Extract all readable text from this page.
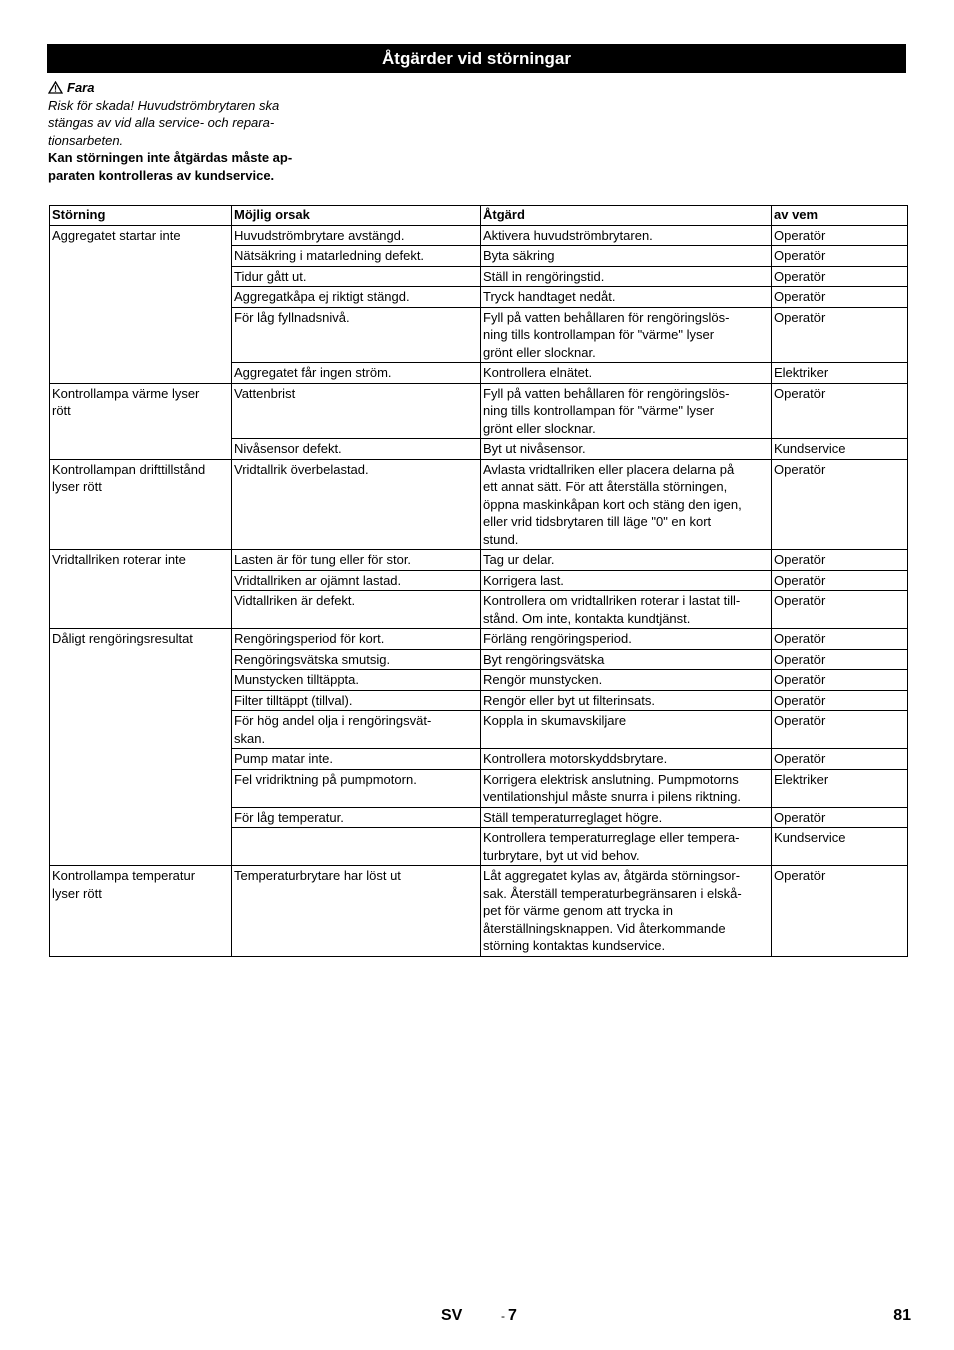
Åtgärder vid störningar
Fara
Risk för skada! Huvudströmbrytaren ska
stängas av vid alla service- och repara-
tionsarbeten.
Kan störningen inte åtgärdas måste ap-
paraten kontrolleras av kundservice.
Störning	Möjlig orsak	Åtgärd	av vem
Aggregatet startar inte	Huvudströmbrytare avstängd.	Aktivera huvudströmbrytaren.	Operatör
	Nätsäkring i matarledning defekt.	Byta säkring	Operatör
	Tidur gått ut.	Ställ in rengöringstid.	Operatör
	Aggregatkåpa ej riktigt stängd.	Tryck handtaget nedåt.	Operatör
	För låg fyllnadsnivå.	Fyll på vatten behållaren för rengöringslös-
ning tills kontrollampan för "värme" lyser
grönt eller slocknar.	Operatör
	Aggregatet får ingen ström.	Kontrollera elnätet.	Elektriker
Kontrollampa värme lyser
rött	Vattenbrist	Fyll på vatten behållaren för rengöringslös-
ning tills kontrollampan för "värme" lyser
grönt eller slocknar.	Operatör
	Nivåsensor defekt.	Byt ut nivåsensor.	Kundservice
Kontrollampan drifttillstånd
lyser rött	Vridtallrik överbelastad.	Avlasta vridtallriken eller placera delarna på
ett annat sätt. För att återställa störningen,
öppna maskinkåpan kort och stäng den igen,
eller vrid tidsbrytaren till läge "0" en kort
stund.	Operatör
Vridtallriken roterar inte	Lasten är för tung eller för stor.	Tag ur delar.	Operatör
	Vridtallriken ar ojämnt lastad.	Korrigera last.	Operatör
	Vidtallriken är defekt.	Kontrollera om vridtallriken roterar i lastat till-
stånd. Om inte, kontakta kundtjänst.	Operatör
Dåligt rengöringsresultat	Rengöringsperiod för kort.	Förläng rengöringsperiod.	Operatör
	Rengöringsvätska smutsig.	Byt rengöringsvätska	Operatör
	Munstycken tilltäppta.	Rengör munstycken.	Operatör
	Filter tilltäppt (tillval).	Rengör eller byt ut filterinsats.	Operatör
	För hög andel olja i rengöringsvät-
skan.	Koppla in skumavskiljare	Operatör
	Pump matar inte.	Kontrollera motorskyddsbrytare.	Operatör
	Fel vridriktning på pumpmotorn.	Korrigera elektrisk anslutning. Pumpmotorns
ventilationshjul måste snurra i pilens riktning.	Elektriker
	För låg temperatur.	Ställ temperaturreglaget högre.	Operatör
		Kontrollera temperaturreglage eller tempera-
turbrytare, byt ut vid behov.	Kundservice
Kontrollampa temperatur
lyser rött	Temperaturbrytare har löst ut	Låt aggregatet kylas av, åtgärda störningsor-
sak. Återställ temperaturbegränsaren i elskå-
pet för värme genom att trycka in
återställningsknappen. Vid återkommande
störning kontaktas kundservice.	Operatör
SV	- 7	81
